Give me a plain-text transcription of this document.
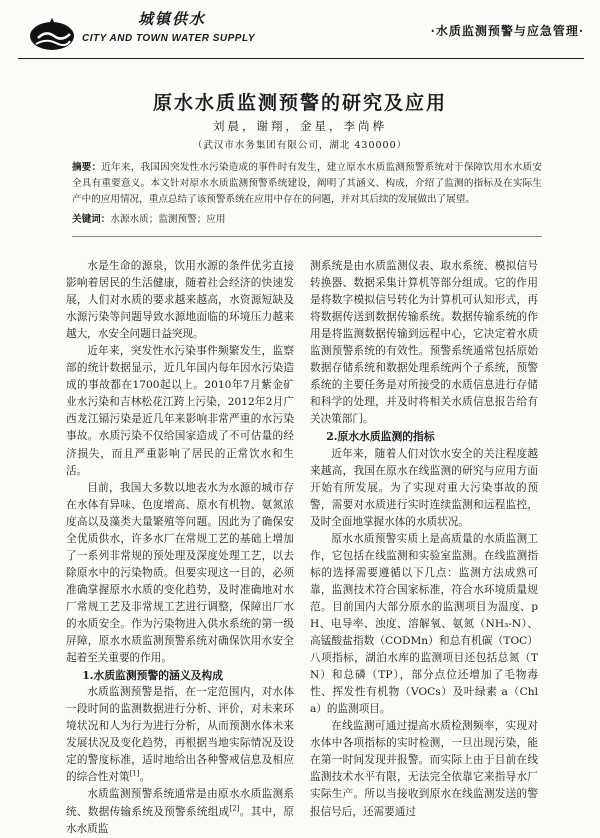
城镇供水
CITY AND TOWN WATER SUPPLY
·水质监测预警与应急管理·
原水水质监测预警的研究及应用
刘晨，谢翔，金星，李尚桦
（武汉市水务集团有限公司，湖北 430000）
摘要：近年来，我国因突发性水污染造成的事件时有发生，建立原水水质监测预警系统对于保障饮用水水质安全具有重要意义。本文针对原水水质监测预警系统建设，阐明了其涵义、构成，介绍了监测的指标及在实际生产中的应用情况，重点总结了该预警系统在应用中存在的问题，并对其后续的发展做出了展望。
关键词：水源水质；监测预警；应用

水是生命的源泉，饮用水源的条件优劣直接影响着居民的生活健康，随着社会经济的快速发展，人们对水质的要求越来越高，水资源短缺及水源污染等问题导致水源地面临的环境压力越来越大，水安全问题日益突现。

近年来，突发性水污染事件频繁发生，监察部的统计数据显示，近几年国内每年因水污染造成的事故都在1700起以上。2010年7月紫金矿业水污染和吉林松花江跨上污染，2012年2月广西龙江镉污染是近几年来影响非常严重的水污染事故。水质污染不仅给国家造成了不可估量的经济损失，而且严重影响了居民的正常饮水和生活。

目前，我国大多数以地表水为水源的城市存在水体有异味、色度增高、原水有机物、氨氮浓度高以及藻类大量繁殖等问题。因此为了确保安全优质供水，许多水厂在常规工艺的基础上增加了一系列非常规的预处理及深度处理工艺，以去除原水中的污染物质。但要实现这一目的，必须准确掌握原水水质的变化趋势，及时准确地对水厂常规工艺及非常规工艺进行调整，保障出厂水的水质安全。作为污染物进入供水系统的第一级屏障，原水水质监测预警系统对确保饮用水安全起着至关重要的作用。

1.水质监测预警的涵义及构成

水质监测预警是指，在一定范围内，对水体一段时间的监测数据进行分析、评价，对未来环境状况和人为行为进行分析，从而预测水体未来发展状况及变化趋势，再根据当地实际情况及设定的警度标准，适时地给出各种警戒信息及相应的综合性对策[1]。

水质监测预警系统通常是由原水水质监测系统、数据传输系统及预警系统组成[2]。其中，原水水质监

测系统是由水质监测仪表、取水系统、模拟信号转换器、数据采集计算机等部分组成。它的作用是将数字模拟信号转化为计算机可认知形式，再将数据传送到数据传输系统。数据传输系统的作用是将监测数据传输到远程中心，它决定着水质监测预警系统的有效性。预警系统通常包括原始数据存储系统和数据处理系统两个子系统，预警系统的主要任务是对所接受的水质信息进行存储和科学的处理，并及时将相关水质信息报告给有关决策部门。

2.原水水质监测的指标

近年来，随着人们对饮水安全的关注程度越来越高，我国在原水在线监测的研究与应用方面开始有所发展。为了实现对重大污染事故的预警，需要对水质进行实时连续监测和远程监控，及时全面地掌握水体的水质状况。

原水水质预警实质上是高质量的水质监测工作，它包括在线监测和实验室监测。在线监测指标的选择需要遵循以下几点：监测方法成熟可靠，监测技术符合国家标准，符合水环境质量规范。目前国内大部分原水的监测项目为温度、pH、电导率、浊度、溶解氧、氨氮（NH₃-N）、高锰酸盐指数（CODMn）和总有机碳（TOC）八项指标，湖泊水库的监测项目还包括总氮（TN）和总磷（TP），部分点位还增加了毛物毒性、挥发性有机物（VOCs）及叶绿素 a（Chla）的监测项目。

在线监测可通过提高水质检测频率，实现对水体中各项指标的实时检测，一旦出现污染，能在第一时间发现并报警。而实际上由于目前在线监测技术水平有限，无法完全依靠它来指导水厂实际生产。所以当接收到原水在线监测发送的警报信号后，还需要通过
